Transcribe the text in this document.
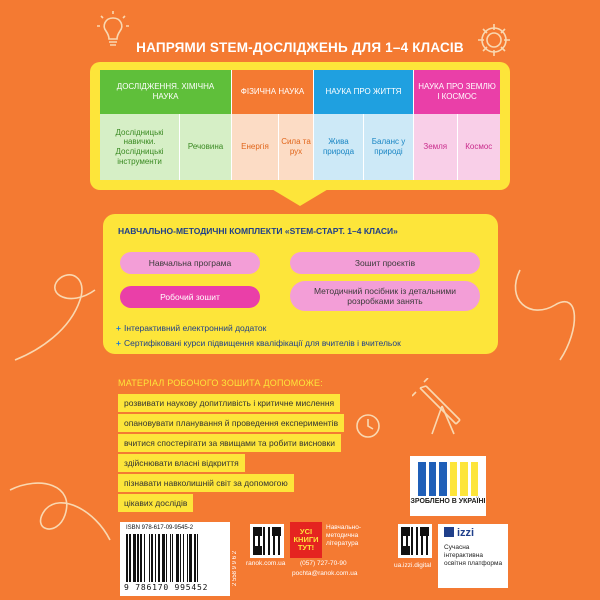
НАПРЯМИ STEM-ДОСЛІДЖЕНЬ ДЛЯ 1–4 КЛАСІВ
ДОСЛІДЖЕННЯ. ХІМІЧНА НАУКА
Дослідницькі навички. Дослідницькі інструменти
Речовина
ФІЗИЧНА НАУКА
Енергія
Сила та рух
НАУКА ПРО ЖИТТЯ
Жива природа
Баланс у природі
НАУКА ПРО ЗЕМЛЮ І КОСМОС
Земля	Космос
НАВЧАЛЬНО-МЕТОДИЧНІ КОМПЛЕКТИ «STEM-СТАРТ. 1–4 КЛАСИ»
Навчальна програма	Зошит проєктів
Робочий зошит
Методичний посібник із детальними розробками занять
+ Інтерактивний електронний додаток
+ Сертифіковані курси підвищення кваліфікації для вчителів і вчительок
МАТЕРІАЛ РОБОЧОГО ЗОШИТА ДОПОМОЖЕ:
розвивати наукову допитливість і критичне мислення
опановувати планування й проведення експериментів
вчитися спостерігати за явищами та робити висновки
здійснювати власні відкриття
пізнавати навколишній світ за допомогою
цікавих дослідів	ЗРОБЛЕНО В УКРАЇНІ
ISBN 978-617-09-9545-2
9 786170 995452
2 558 9 9 6 2	ranok.com.ua
УСІ КНИГИ ТУТ!
Навчально-методична література
(057) 727-70-90
pochta@ranok.com.ua
ua.izzi.digital
izzi
Сучасна інтерактивна освітня платформа
